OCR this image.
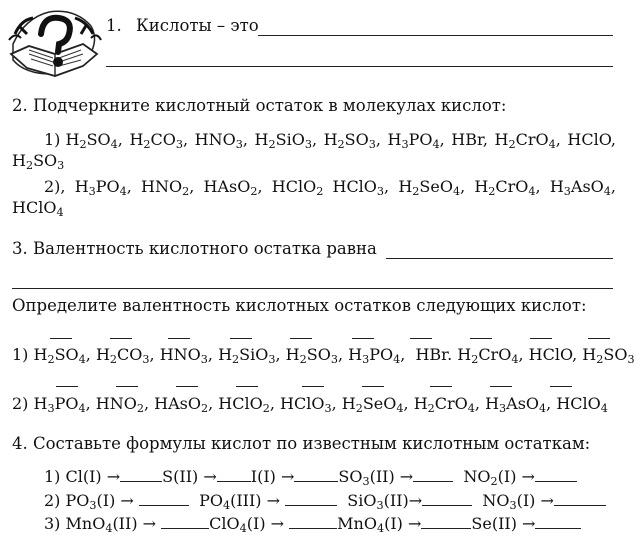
1. Кислоты – это
2. Подчеркните кислотный остаток в молекулах кислот:
1) $H_2SO_4$, $H_2CO_3$, $HNO_3$, $H_2SiO_3$, $H_2SO_3$, $H_3PO_4$, HBr, $H_2CrO_4$, HClO,
$H_2SO_3$
2), $H_3PO_4$, $HNO_2$, HAsO$_2$, HClO$_2$ HClO$_3$, $H_2SeO_4$, $H_2CrO_4$, $H_3AsO_4$,
HClO$_4$
3. Валентность кислотного остатка равна
Определите валентность кислотных остатков следующих кислот:
1) $H_2SO_4$, $H_2CO_3$, $HNO_3$, $H_2SiO_3$, $H_2SO_3$, $H_3PO_4$,  HBr. $H_2CrO_4$, HClO, $H_2SO_3$
2) $H_3PO_4$, $HNO_2$, HAsO$_2$, HClO$_2$, HClO$_3$, $H_2SeO_4$, $H_2CrO_4$, $H_3AsO_4$, HClO$_4$
4. Составьте формулы кислот по известным кислотным остаткам:
1) Cl(I) →	S(II) → I(I) →	$SO_3(II)$ →	$NO_2(I)$ →
2) $PO_3(I)$ →	$PO_4(III)$ →	SiO$_3$(II)→	$NO_3(I)$ →
3) MnO$_4$(II) →	ClO$_4$(I) →	MnO$_4$(I) →	Se(II) →
